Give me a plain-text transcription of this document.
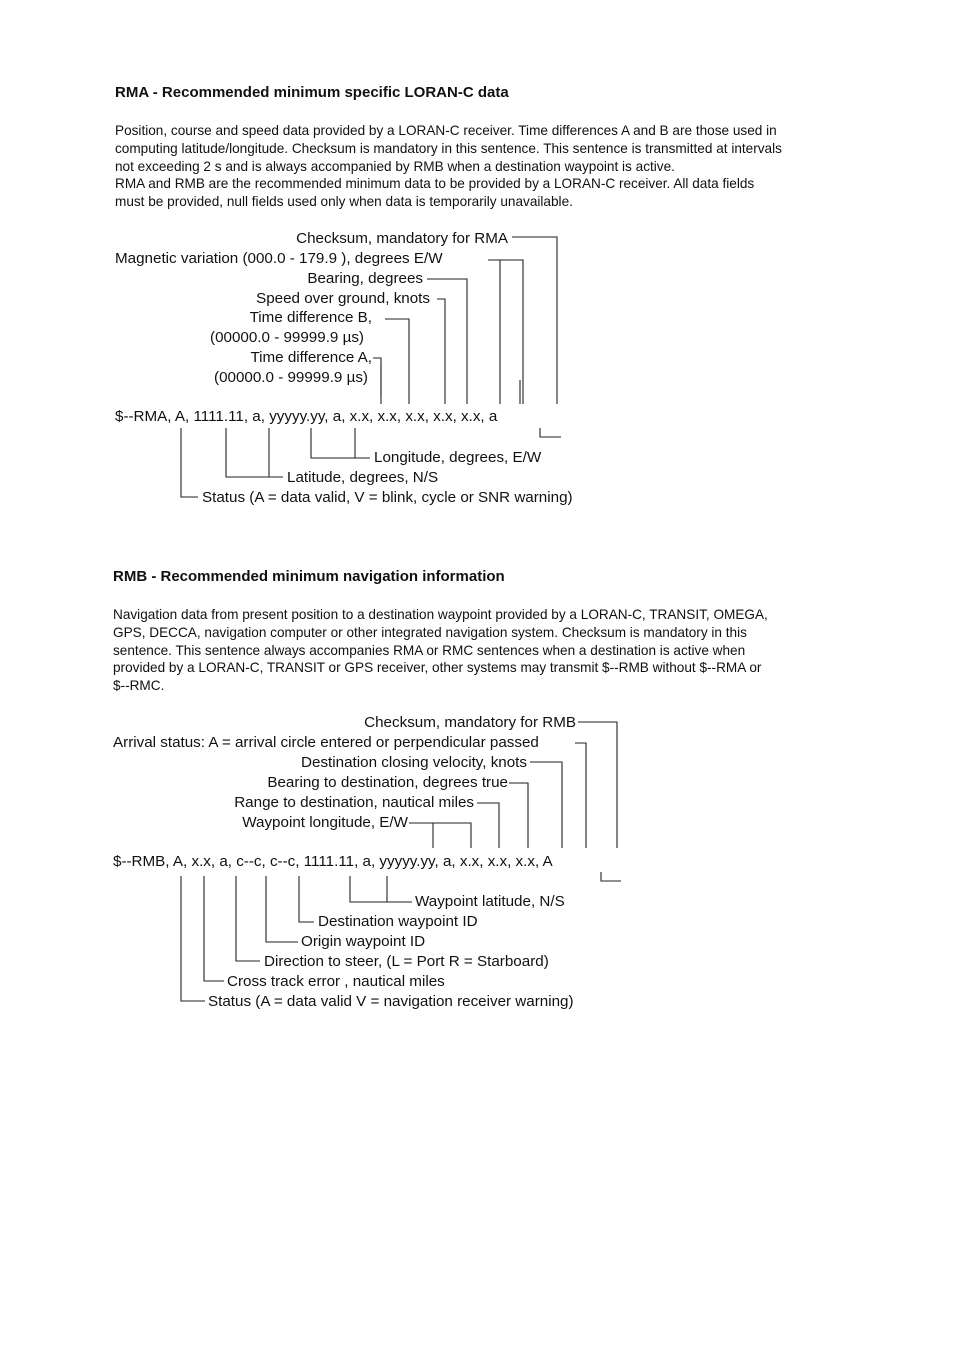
RMA - Recommended minimum specific LORAN-C data
Position, course and speed data provided by a LORAN-C receiver. Time differences A and B are those used in
computing latitude/longitude. Checksum is mandatory in this sentence. This sentence is transmitted at intervals
not exceeding 2 s and is always accompanied by RMB when a destination waypoint is active.
RMA and RMB are the recommended minimum data to be provided by a LORAN-C receiver. All data fields
must be provided, null fields used only when data is temporarily unavailable.
Checksum, mandatory for RMA
Magnetic variation (000.0 - 179.9 ), degrees E/W
Bearing, degrees
Speed over ground, knots
Time difference B,
(00000.0 - 99999.9 µs)
Time difference A,
(00000.0 - 99999.9 µs)
$--RMA, A, 1111.11, a, yyyyy.yy, a, x.x, x.x, x.x, x.x, x.x, a
Longitude, degrees, E/W
Latitude, degrees, N/S
Status (A = data valid, V = blink, cycle or SNR warning)
RMB - Recommended minimum navigation information
Navigation data from present position to a destination waypoint provided by a LORAN-C, TRANSIT, OMEGA,
GPS, DECCA, navigation computer or other integrated navigation system. Checksum is mandatory in this
sentence. This sentence always accompanies RMA or RMC sentences when a destination is active when
provided by a LORAN-C, TRANSIT or GPS receiver, other systems may transmit $--RMB without $--RMA or
$--RMC.
Checksum, mandatory for RMB
Arrival status: A = arrival circle entered or perpendicular passed
Destination closing velocity, knots
Bearing to destination, degrees true
Range to destination, nautical miles
Waypoint longitude, E/W
$--RMB, A, x.x, a, c--c, c--c, 1111.11, a, yyyyy.yy, a, x.x, x.x, x.x, A
Waypoint latitude, N/S
Destination waypoint ID
Origin waypoint ID
Direction to steer, (L = Port R = Starboard)
Cross track error , nautical miles
Status (A = data valid V = navigation receiver warning)
